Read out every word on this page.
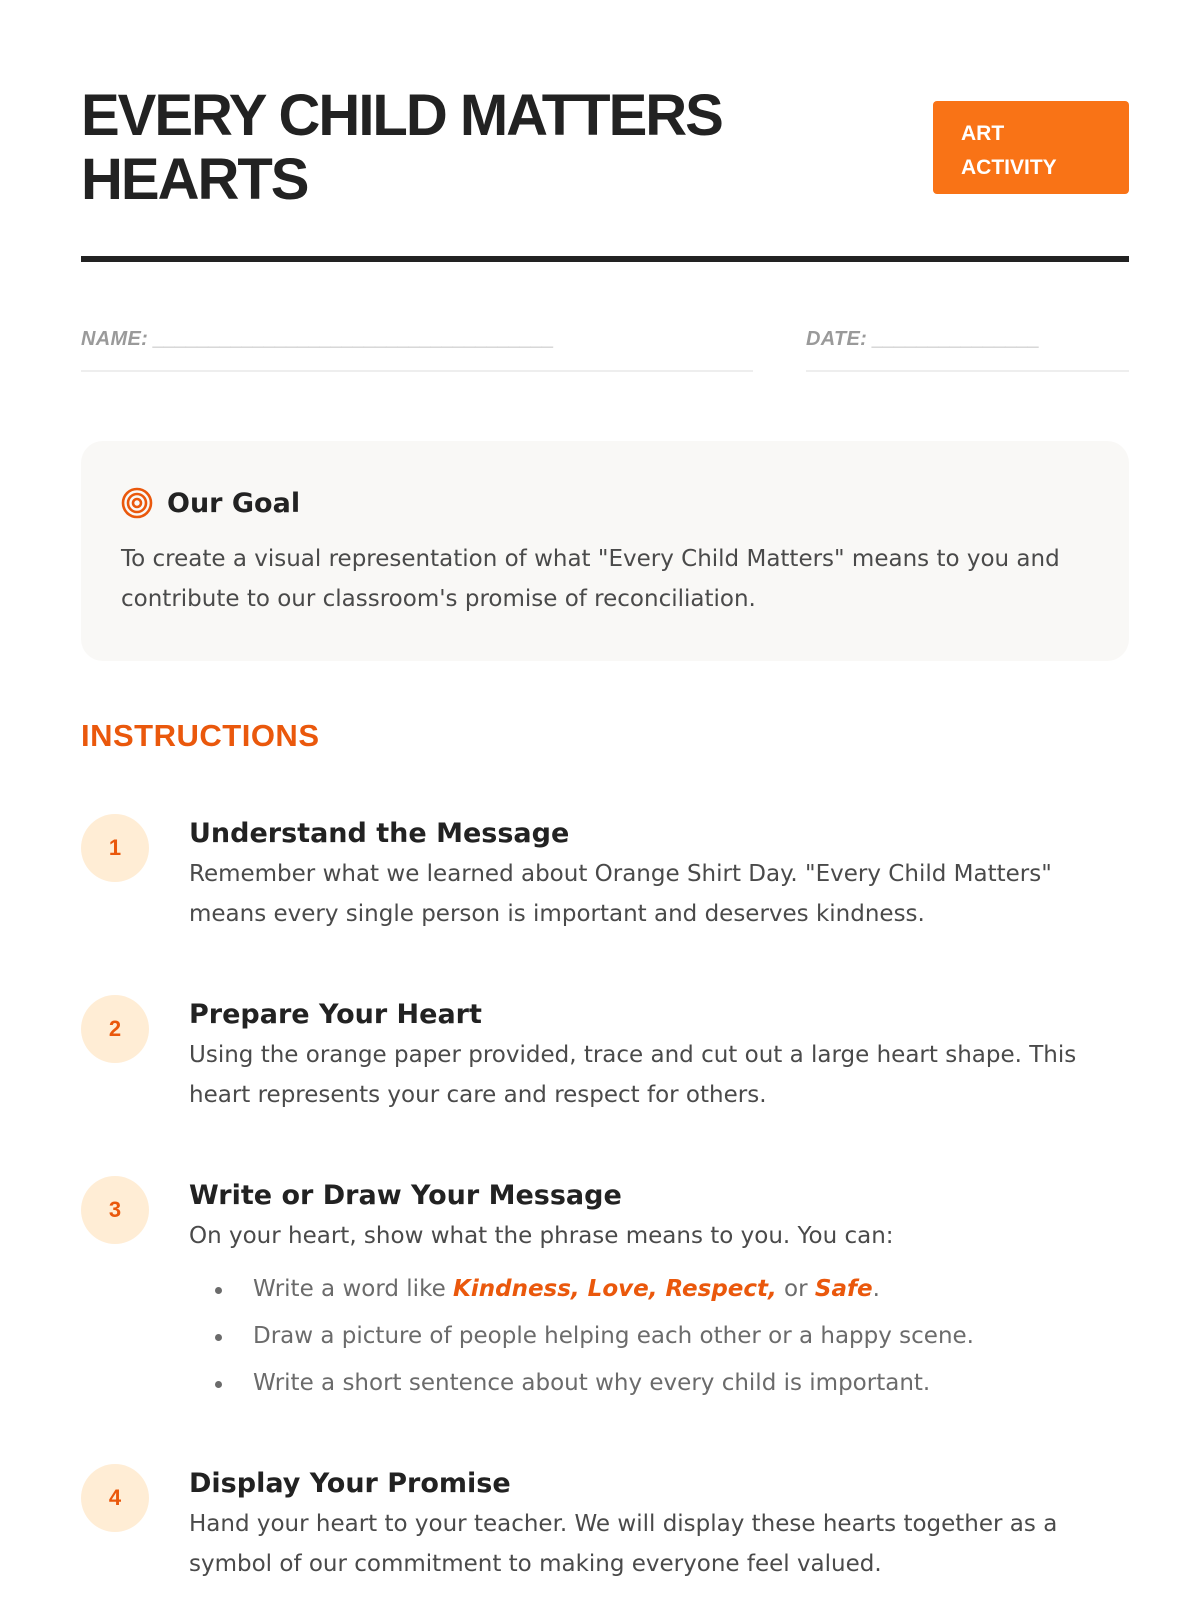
EVERY CHILD MATTERS HEARTS
ART ACTIVITY
NAME: ____________________________________	DATE: _______________
Our Goal
To create a visual representation of what "Every Child Matters" means to you and contribute to our classroom's promise of reconciliation.
INSTRUCTIONS
1	Understand the Message

Remember what we learned about Orange Shirt Day. "Every Child Matters" means every single person is important and deserves kindness.

2	Prepare Your Heart

Using the orange paper provided, trace and cut out a large heart shape. This heart represents your care and respect for others.

3	Write or Draw Your Message

On your heart, show what the phrase means to you. You can:

Write a word like Kindness, Love, Respect, or Safe.
Draw a picture of people helping each other or a happy scene.
Write a short sentence about why every child is important.
4	Display Your Promise

Hand your heart to your teacher. We will display these hearts together as a symbol of our commitment to making everyone feel valued.
